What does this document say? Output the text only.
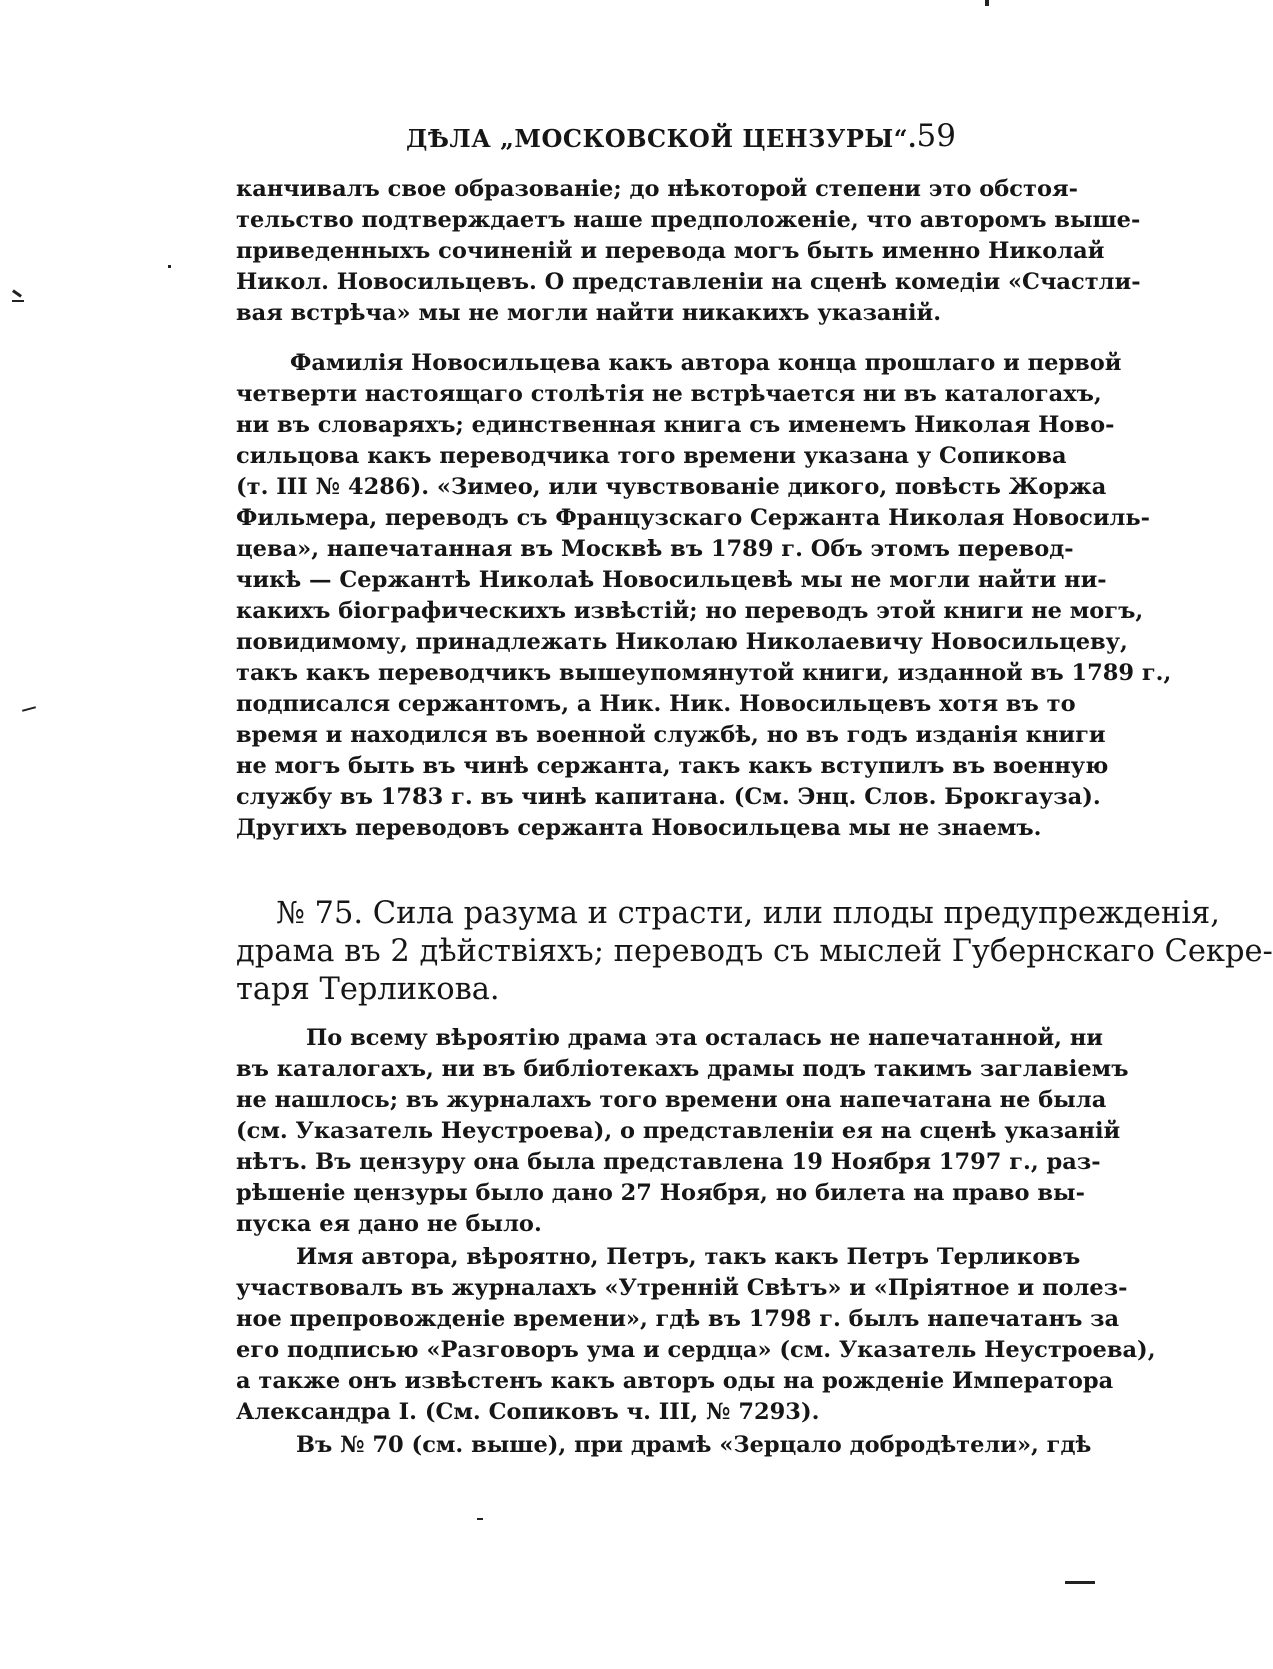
ДѢЛА „МОСКОВСКОЙ ЦЕНЗУРЫ“. 59
канчивалъ свое образованіе; до нѣкоторой степени это обстоя-
тельство подтверждаетъ наше предположеніе, что авторомъ выше-
приведенныхъ сочиненій и перевода могъ быть именно Николай
Никол. Новосильцевъ. О представленіи на сценѣ комедіи «Счастли-
вая встрѣча» мы не могли найти никакихъ указаній.
Фамилія Новосильцева какъ автора конца прошлаго и первой
четверти настоящаго столѣтія не встрѣчается ни въ каталогахъ,
ни въ словаряхъ; единственная книга съ именемъ Николая Ново-
сильцова какъ переводчика того времени указана у Сопикова
(т. III № 4286). «Зимео, или чувствованіе дикого, повѣсть Жоржа
Фильмера, переводъ съ Французскаго Сержанта Николая Новосиль-
цева», напечатанная въ Москвѣ въ 1789 г. Объ этомъ перевод-
чикѣ — Сержантѣ Николаѣ Новосильцевѣ мы не могли найти ни-
какихъ біографическихъ извѣстій; но переводъ этой книги не могъ,
повидимому, принадлежать Николаю Николаевичу Новосильцеву,
такъ какъ переводчикъ вышеупомянутой книги, изданной въ 1789 г.,
подписался сержантомъ, а Ник. Ник. Новосильцевъ хотя въ то
время и находился въ военной службѣ, но въ годъ изданія книги
не могъ быть въ чинѣ сержанта, такъ какъ вступилъ въ военную
службу въ 1783 г. въ чинѣ капитана. (См. Энц. Слов. Брокгауза).
Другихъ переводовъ сержанта Новосильцева мы не знаемъ.
№ 75. Сила разума и страсти, или плоды предупрежденія,
драма въ 2 дѣйствіяхъ; переводъ съ мыслей Губернскаго Секре-
таря Терликова.
По всему вѣроятію драма эта осталась не напечатанной, ни
въ каталогахъ, ни въ библіотекахъ драмы подъ такимъ заглавіемъ
не нашлось; въ журналахъ того времени она напечатана не была
(см. Указатель Неустроева), о представленіи ея на сценѣ указаній
нѣтъ. Въ цензуру она была представлена 19 Ноября 1797 г., раз-
рѣшеніе цензуры было дано 27 Ноября, но билета на право вы-
пуска ея дано не было.
Имя автора, вѣроятно, Петръ, такъ какъ Петръ Терликовъ
участвовалъ въ журналахъ «Утренній Свѣтъ» и «Пріятное и полез-
ное препровожденіе времени», гдѣ въ 1798 г. былъ напечатанъ за
его подписью «Разговоръ ума и сердца» (см. Указатель Неустроева),
а также онъ извѣстенъ какъ авторъ оды на рожденіе Императора
Александра I. (См. Сопиковъ ч. III, № 7293).
Въ № 70 (см. выше), при драмѣ «Зерцало добродѣтели», гдѣ
